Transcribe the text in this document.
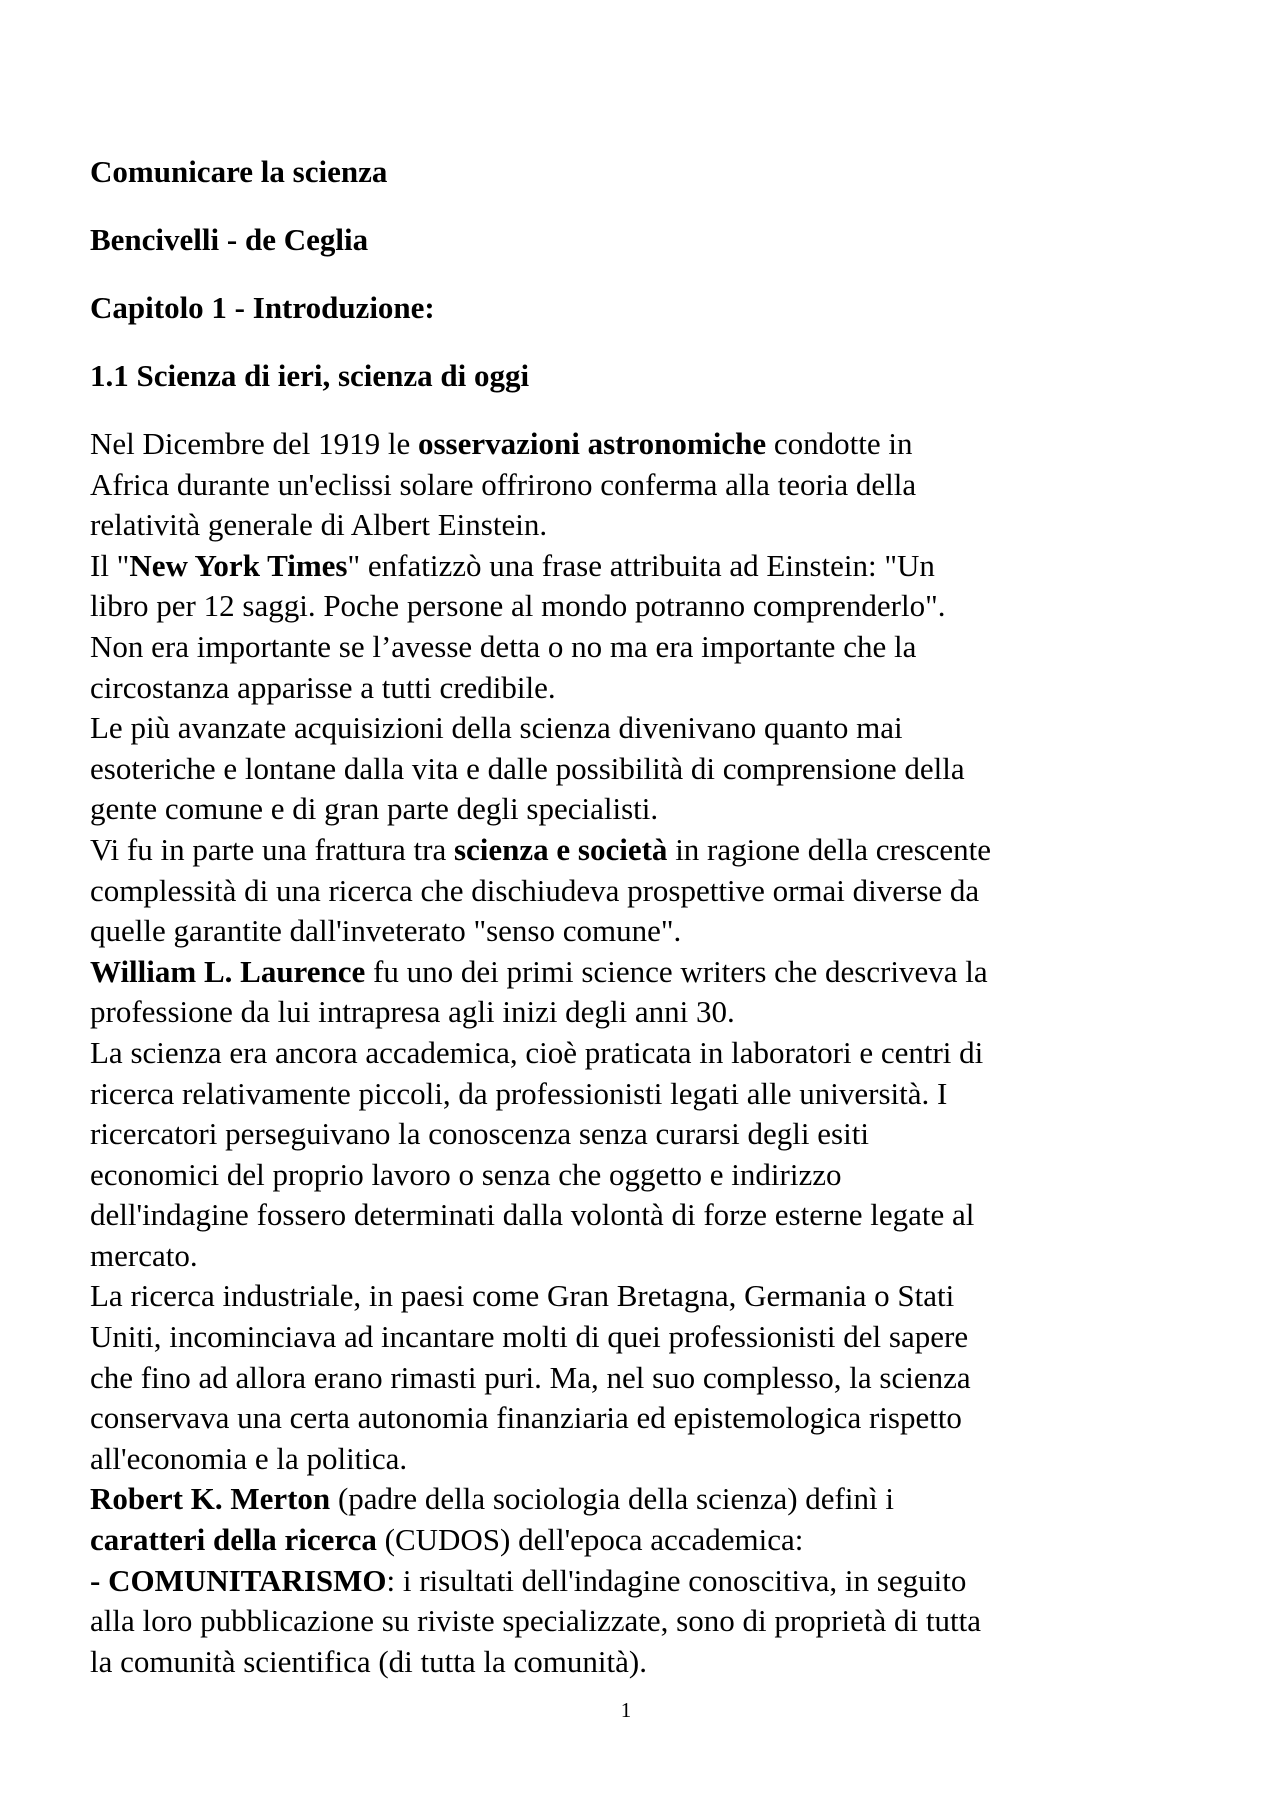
Comunicare la scienza
Bencivelli - de Ceglia
Capitolo 1 - Introduzione:
1.1 Scienza di ieri, scienza di oggi

Nel Dicembre del 1919 le osservazioni astronomiche condotte in
Africa durante un'eclissi solare offrirono conferma alla teoria della
relatività generale di Albert Einstein.

Il "New York Times" enfatizzò una frase attribuita ad Einstein: "Un
libro per 12 saggi. Poche persone al mondo potranno comprenderlo".
Non era importante se l’avesse detta o no ma era importante che la
circostanza apparisse a tutti credibile.

Le più avanzate acquisizioni della scienza divenivano quanto mai
esoteriche e lontane dalla vita e dalle possibilità di comprensione della
gente comune e di gran parte degli specialisti.

Vi fu in parte una frattura tra scienza e società in ragione della crescente
complessità di una ricerca che dischiudeva prospettive ormai diverse da
quelle garantite dall'inveterato "senso comune".

William L. Laurence fu uno dei primi science writers che descriveva la
professione da lui intrapresa agli inizi degli anni 30.

La scienza era ancora accademica, cioè praticata in laboratori e centri di
ricerca relativamente piccoli, da professionisti legati alle università. I
ricercatori perseguivano la conoscenza senza curarsi degli esiti
economici del proprio lavoro o senza che oggetto e indirizzo
dell'indagine fossero determinati dalla volontà di forze esterne legate al
mercato.

La ricerca industriale, in paesi come Gran Bretagna, Germania o Stati
Uniti, incominciava ad incantare molti di quei professionisti del sapere
che fino ad allora erano rimasti puri. Ma, nel suo complesso, la scienza
conservava una certa autonomia finanziaria ed epistemologica rispetto
all'economia e la politica.

Robert K. Merton (padre della sociologia della scienza) definì i
caratteri della ricerca (CUDOS) dell'epoca accademica:

- COMUNITARISMO: i risultati dell'indagine conoscitiva, in seguito
alla loro pubblicazione su riviste specializzate, sono di proprietà di tutta
la comunità scientifica (di tutta la comunità).

1
